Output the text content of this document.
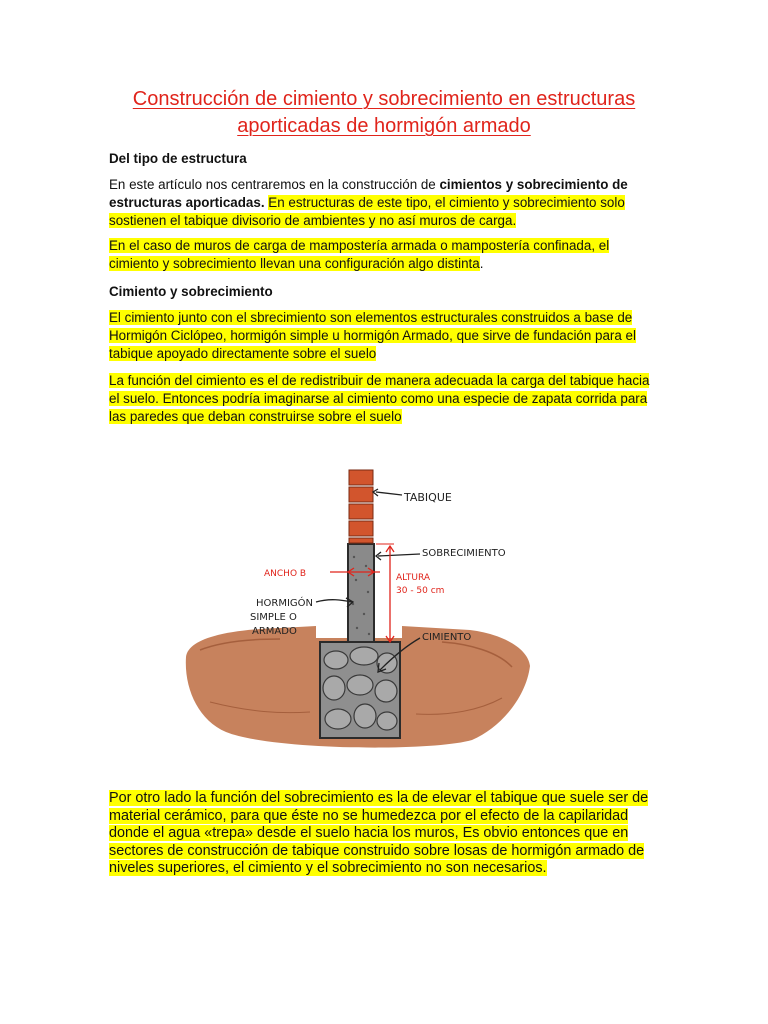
Construcción de cimiento y sobrecimiento en estructuras
aporticadas de hormigón armado
Del tipo de estructura
En este artículo nos centraremos en la construcción de cimientos y sobrecimiento de estructuras aporticadas. En estructuras de este tipo, el cimiento y sobrecimiento solo sostienen el tabique divisorio de ambientes y no así muros de carga.
En el caso de muros de carga de mampostería armada o mampostería confinada, el cimiento y sobrecimiento llevan una configuración algo distinta.
Cimiento y sobrecimiento
El cimiento junto con el sbrecimiento son elementos estructurales construidos a base de Hormigón Ciclópeo, hormigón simple u hormigón Armado, que sirve de fundación para el tabique apoyado directamente sobre el suelo
La función del cimiento es el de redistribuir de manera adecuada la carga del tabique hacia el suelo. Entonces podría imaginarse al cimiento como una especie de zapata corrida para las paredes que deban construirse sobre el suelo
TABIQUE
SOBRECIMIENTO
ALTURA
30 - 50 cm
ANCHO B
HORMIGÓN
SIMPLE O
ARMADO
CIMIENTO
Por otro lado la función del sobrecimiento es la de elevar el tabique que suele ser de material cerámico, para que éste no se humedezca por el efecto de la capilaridad donde el agua «trepa» desde el suelo hacia los muros, Es obvio entonces que en sectores de construcción de tabique construido sobre losas de hormigón armado de niveles superiores, el cimiento y el sobrecimiento no son necesarios.
